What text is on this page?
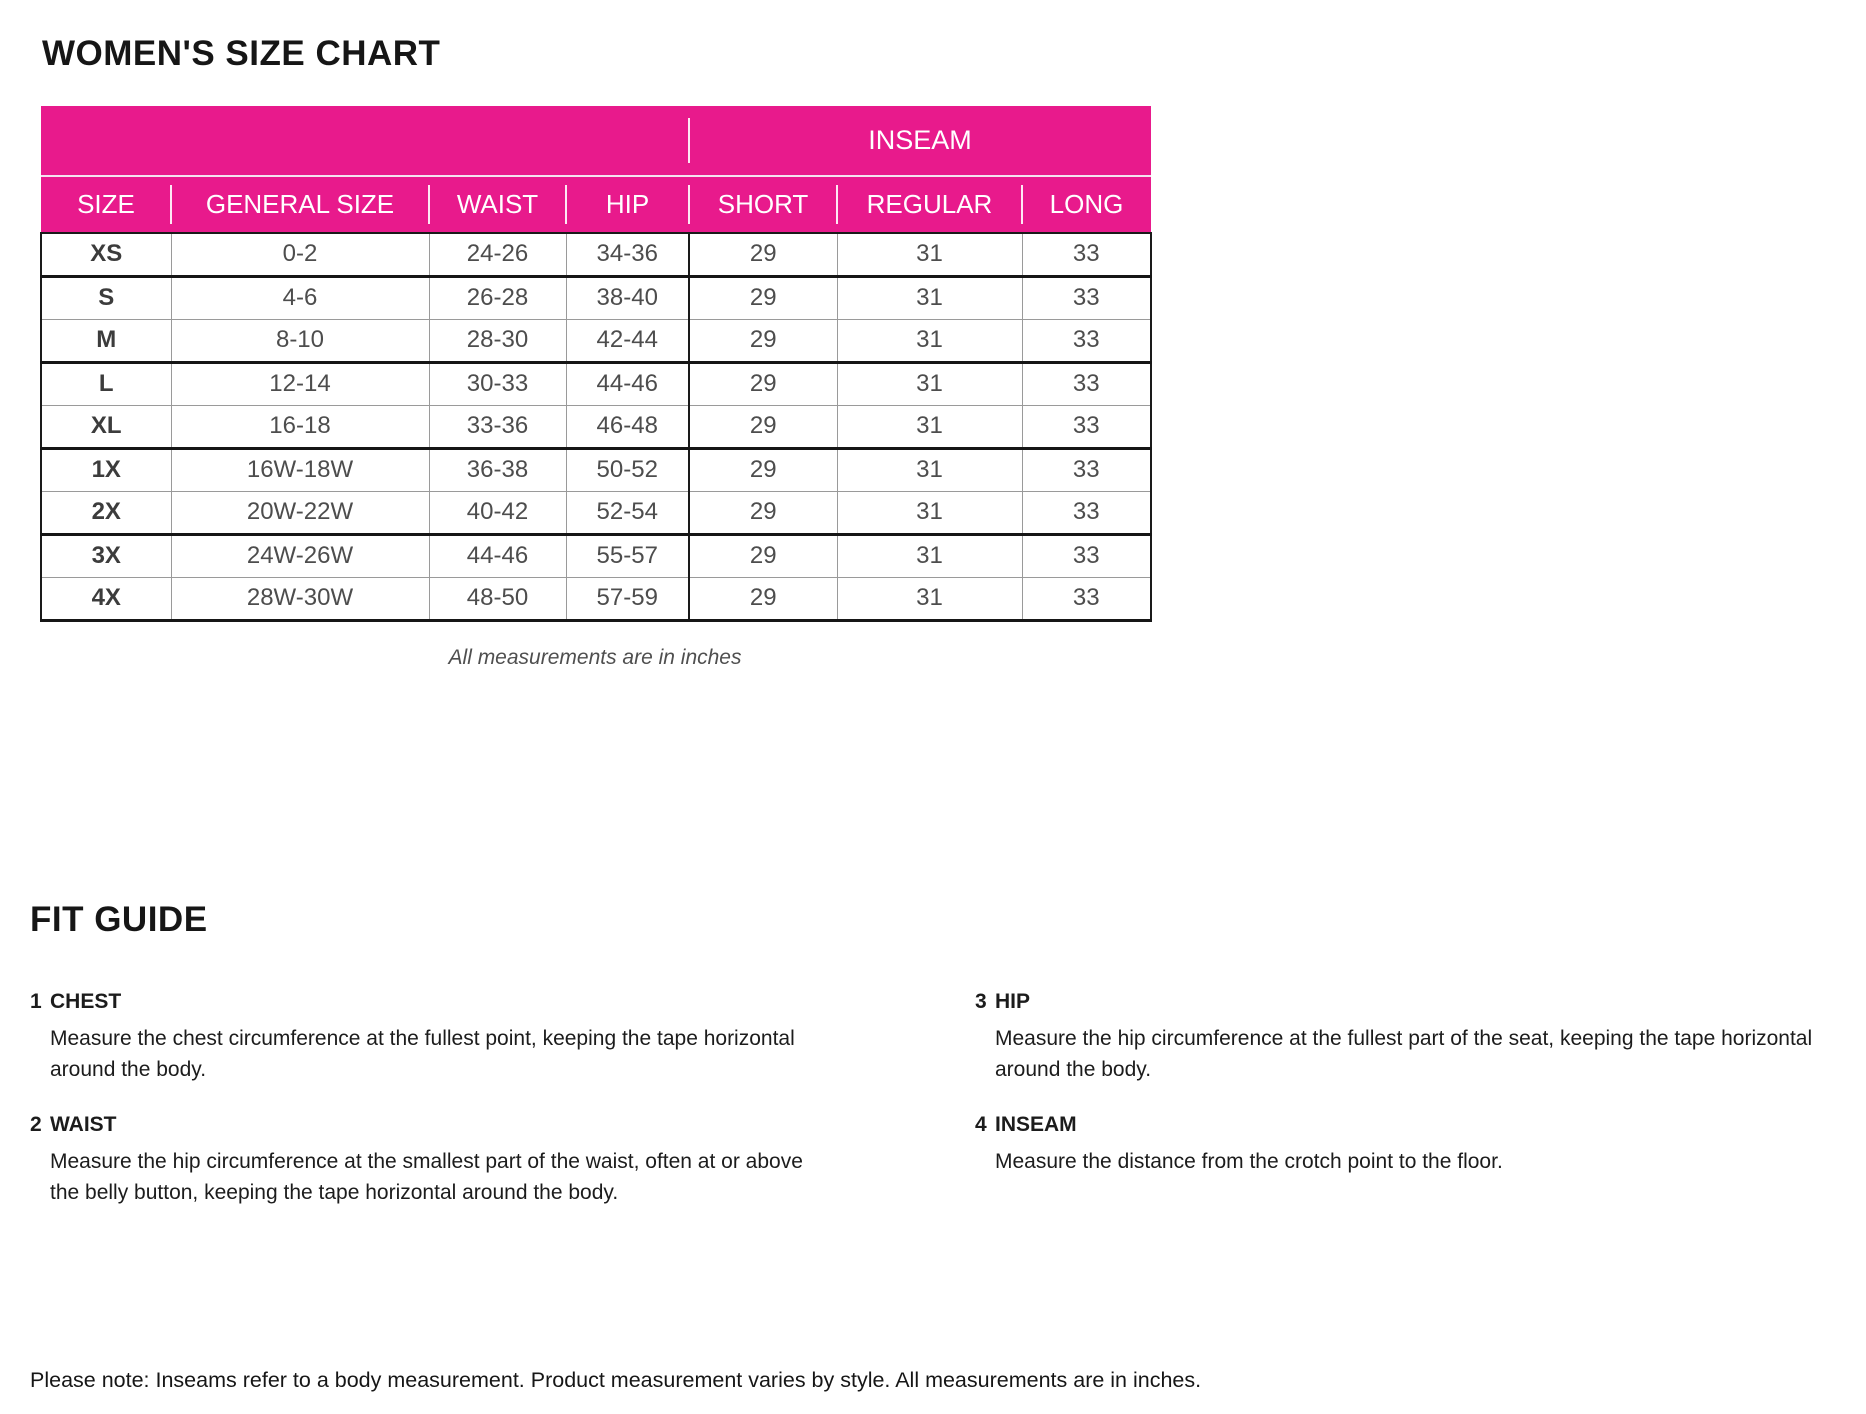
WOMEN'S SIZE CHART
				INSEAM		
SIZE	GENERAL SIZE	WAIST	HIP	SHORT	REGULAR	LONG
XS	0-2	24-26	34-36	29	31	33
S	4-6	26-28	38-40	29	31	33
M	8-10	28-30	42-44	29	31	33
L	12-14	30-33	44-46	29	31	33
XL	16-18	33-36	46-48	29	31	33
1X	16W-18W	36-38	50-52	29	31	33
2X	20W-22W	40-42	52-54	29	31	33
3X	24W-26W	44-46	55-57	29	31	33
4X	28W-30W	48-50	57-59	29	31	33
All measurements are in inches
FIT GUIDE
1 CHEST
Measure the chest circumference at the fullest point, keeping the tape horizontal around the body.
2 WAIST
Measure the hip circumference at the smallest part of the waist, often at or above the belly button, keeping the tape horizontal around the body.
3 HIP
Measure the hip circumference at the fullest part of the seat, keeping the tape horizontal around the body.
4 INSEAM
Measure the distance from the crotch point to the floor.
Please note: Inseams refer to a body measurement. Product measurement varies by style. All measurements are in inches.
